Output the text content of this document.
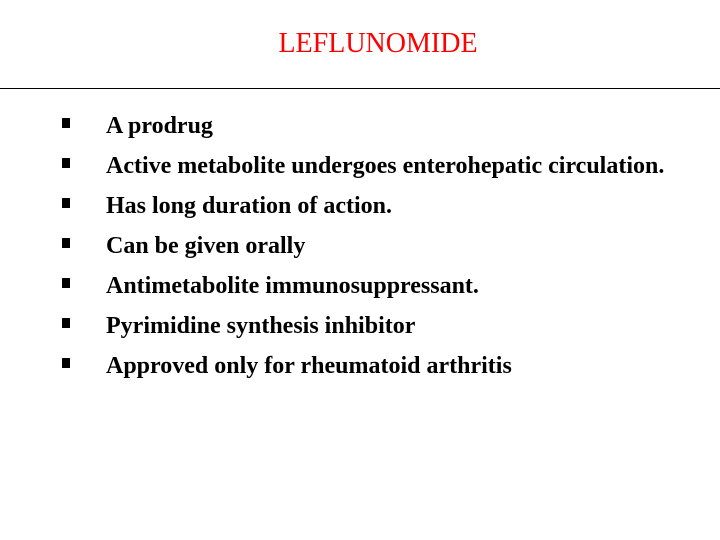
LEFLUNOMIDE
A prodrug
Active metabolite undergoes enterohepatic circulation.
Has long duration of action.
Can be given orally
Antimetabolite immunosuppressant.
Pyrimidine synthesis inhibitor
Approved only for rheumatoid arthritis
